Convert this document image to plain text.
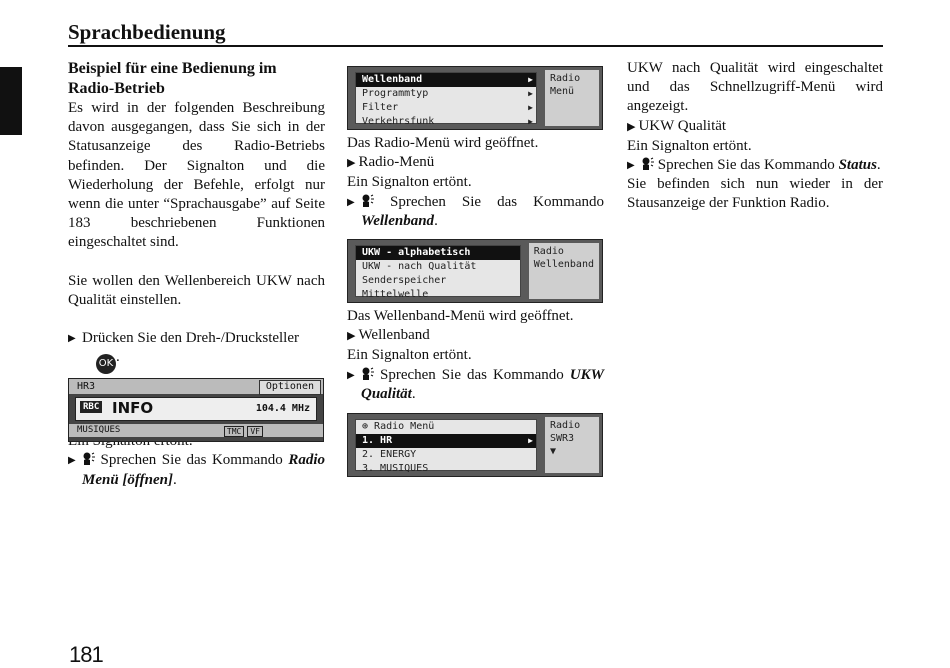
Sprachbedienung

Beispiel für eine Bedienung im Radio-Betrieb

Es wird in der folgenden Beschreibung davon ausgegangen, dass Sie sich in der Statusanzeige des Radio-Betriebs befinden. Der Signalton und die Wiederholung der Befehle, erfolgt nur wenn die unter “Sprachausgabe” auf Seite 183 beschriebenen Funktionen eingeschaltet sind.

Sie wollen den Wellenbereich UKW nach Qualität einstellen.

▶ Drücken Sie den Dreh-/Drucksteller
OK .

▶ Sprechen Sie das Kommando Radio Menü [öffnen].

HR3	Optionen
RBC INFO	104.4 MHz
MUSIQUES	TMC VF
Wellenband	▶
Programmtyp	▶
Filter	▶
Verkehrsfunk	▶
Radio
Menü
UKW - alphabetisch
UKW - nach Qualität
Senderspeicher
Mittelwelle
Radio
Wellenband
⊕ Radio Menü
1. HR	▶
2. ENERGY
3. MUSIQUES
Radio
SWR3
▼

Das Radio-Menü wird geöffnet.

◀ Radio-Menü

Ein Signalton ertönt.

▶ Sprechen Sie das Kommando Wellenband.

Das Wellenband-Menü wird geöffnet.

◀ Wellenband

Ein Signalton ertönt.

▶ Sprechen Sie das Kommando UKW Qualität.

UKW nach Qualität wird eingeschaltet und das Schnellzugriff-Menü wird angezeigt.

◀ UKW Qualität

Ein Signalton ertönt.

▶ Sprechen Sie das Kommando Status.

Sie befinden sich nun wieder in der Stausanzeige der Funktion Radio.

181
